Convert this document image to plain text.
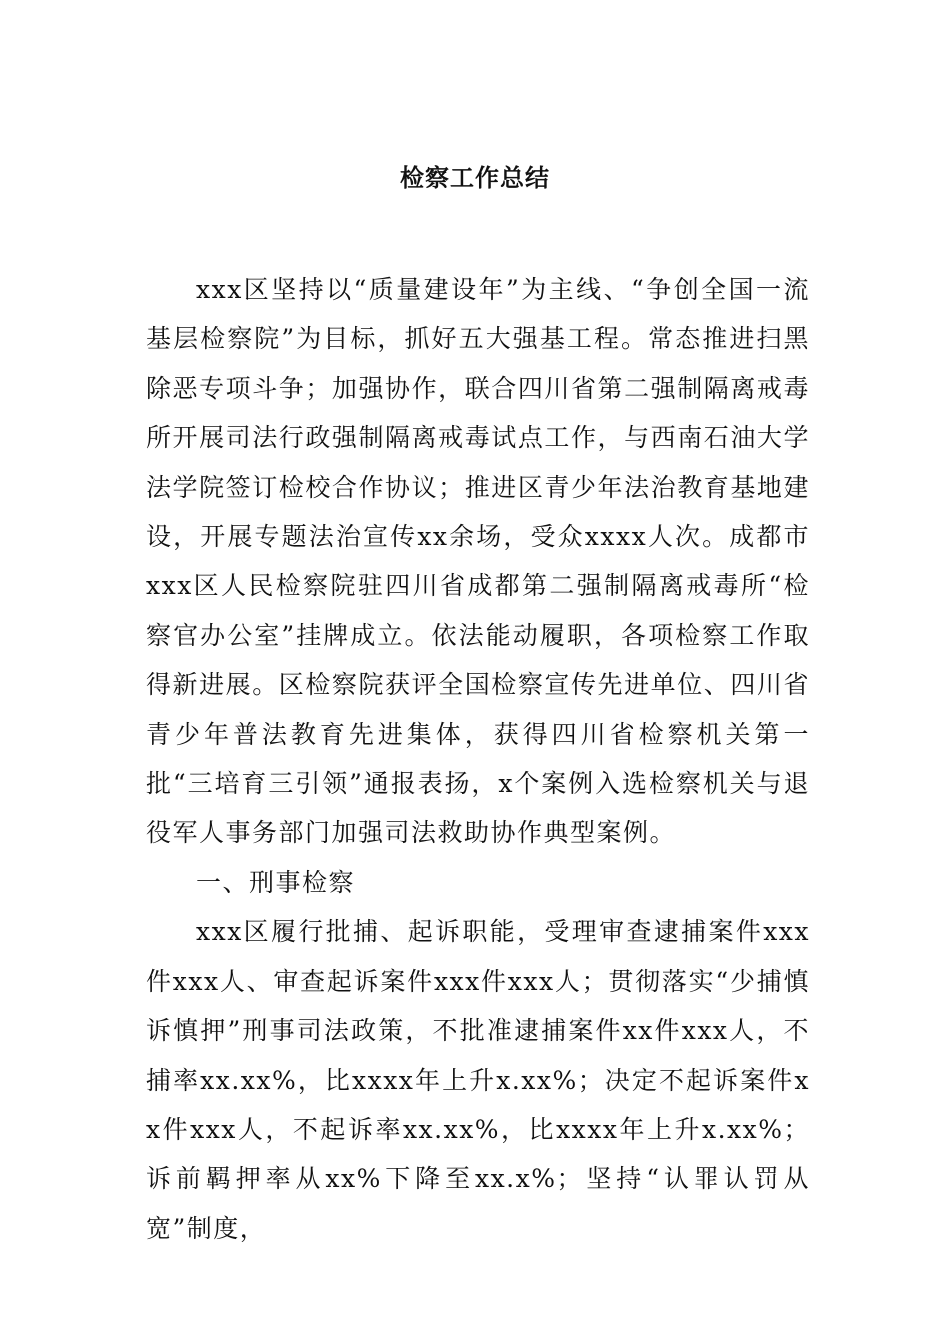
检察工作总结

xxx区坚持以“质量建设年”为主线、“争创全国一流基层检察院”为目标，抓好五大强基工程。常态推进扫黑除恶专项斗争；加强协作，联合四川省第二强制隔离戒毒所开展司法行政强制隔离戒毒试点工作，与西南石油大学法学院签订检校合作协议；推进区青少年法治教育基地建设，开展专题法治宣传xx余场，受众xxxx人次。成都市xxx区人民检察院驻四川省成都第二强制隔离戒毒所“检察官办公室”挂牌成立。依法能动履职，各项检察工作取得新进展。区检察院获评全国检察宣传先进单位、四川省青少年普法教育先进集体，获得四川省检察机关第一批“三培育三引领”通报表扬，x个案例入选检察机关与退役军人事务部门加强司法救助协作典型案例。

一、刑事检察

xxx区履行批捕、起诉职能，受理审查逮捕案件xxx件xxx人、审查起诉案件xxx件xxx人；贯彻落实“少捕慎诉慎押”刑事司法政策，不批准逮捕案件xx件xxx人，不捕率xx.xx%，比xxxx年上升x.xx%；决定不起诉案件xx件xxx人，不起诉率xx.xx%，比xxxx年上升x.xx%；诉前羁押率从xx%下降至xx.x%；坚持“认罪认罚从宽”制度，
